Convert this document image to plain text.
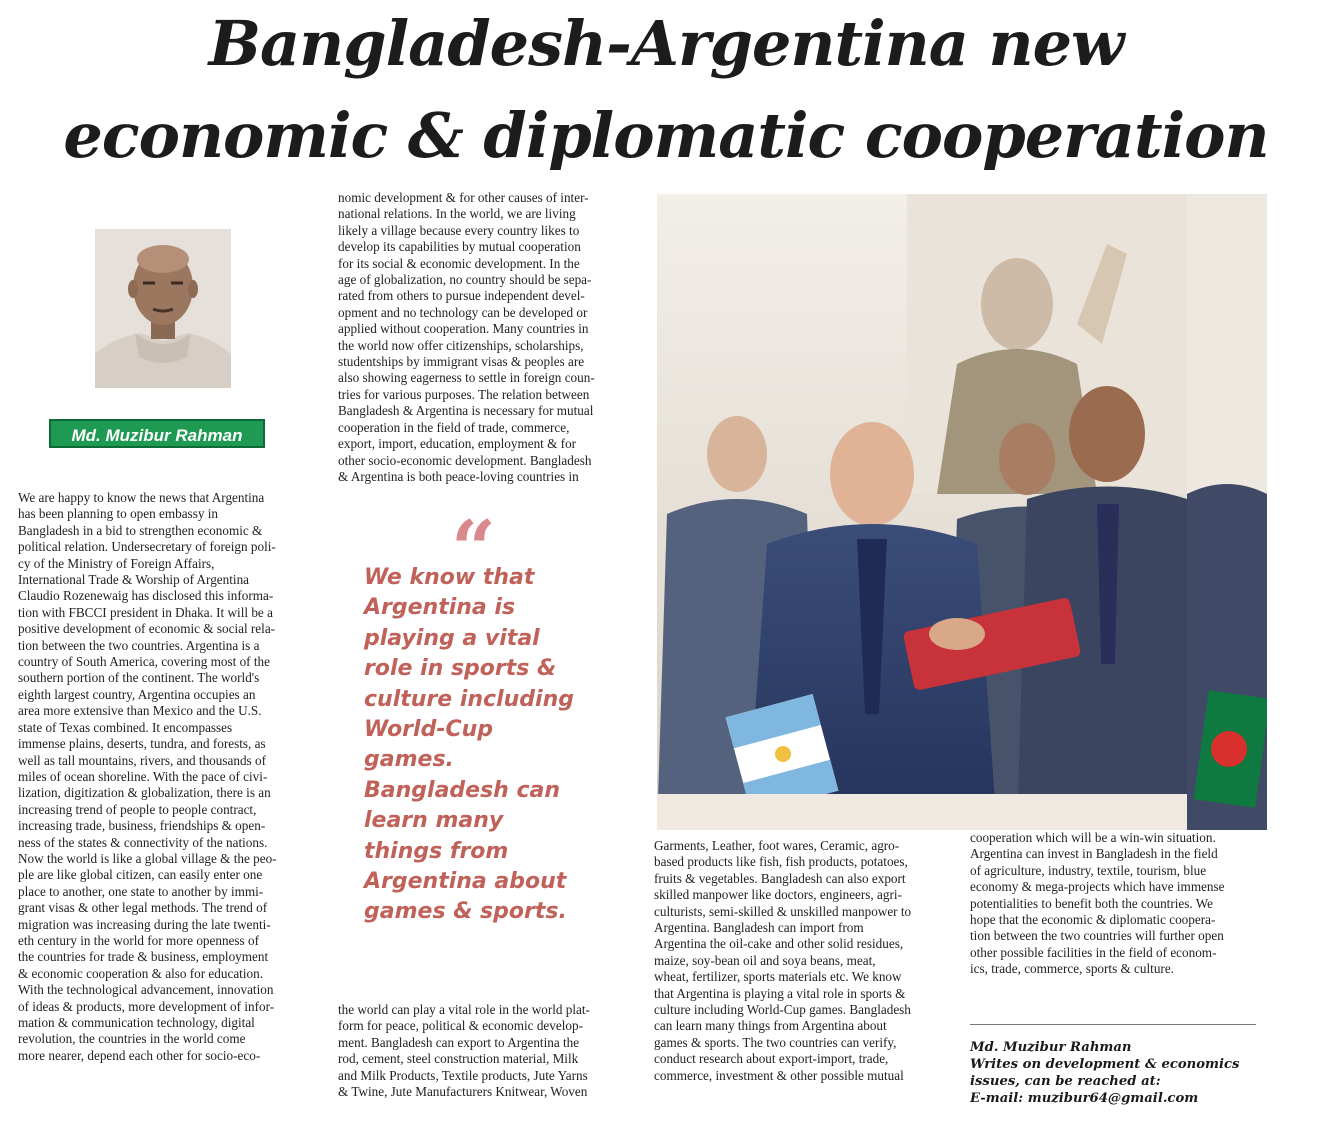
Bangladesh-Argentina new
economic & diplomatic cooperation
Md. Muzibur Rahman

We are happy to know the news that Argentina

has been planning to open embassy in

Bangladesh in a bid to strengthen economic &

political relation. Undersecretary of foreign poli-

cy of the Ministry of Foreign Affairs,

International Trade & Worship of Argentina

Claudio Rozenewaig has disclosed this informa-

tion with FBCCI president in Dhaka. It will be a

positive development of economic & social rela-

tion between the two countries. Argentina is a

country of South America, covering most of the

southern portion of the continent. The world's

eighth largest country, Argentina occupies an

area more extensive than Mexico and the U.S.

state of Texas combined. It encompasses

immense plains, deserts, tundra, and forests, as

well as tall mountains, rivers, and thousands of

miles of ocean shoreline. With the pace of civi-

lization, digitization & globalization, there is an

increasing trend of people to people contract,

increasing trade, business, friendships & open-

ness of the states & connectivity of the nations.

Now the world is like a global village & the peo-

ple are like global citizen, can easily enter one

place to another, one state to another by immi-

grant visas & other legal methods. The trend of

migration was increasing during the late twenti-

eth century in the world for more openness of

the countries for trade & business, employment

& economic cooperation & also for education.

With the technological advancement, innovation

of ideas & products, more development of infor-

mation & communication technology, digital

revolution, the countries in the world come

more nearer, depend each other for socio-eco-

nomic development & for other causes of inter-

national relations. In the world, we are living

likely a village because every country likes to

develop its capabilities by mutual cooperation

for its social & economic development. In the

age of globalization, no country should be sepa-

rated from others to pursue independent devel-

opment and no technology can be developed or

applied without cooperation. Many countries in

the world now offer citizenships, scholarships,

studentships by immigrant visas & peoples are

also showing eagerness to settle in foreign coun-

tries for various purposes. The relation between

Bangladesh & Argentina is necessary for mutual

cooperation in the field of trade, commerce,

export, import, education, employment & for

other socio-economic development. Bangladesh

& Argentina is both peace-loving countries in

“
We know that
Argentina is
playing a vital
role in sports &
culture including
World-Cup
games.
Bangladesh can
learn many
things from
Argentina about
games & sports.

the world can play a vital role in the world plat-

form for peace, political & economic develop-

ment. Bangladesh can export to Argentina the

rod, cement, steel construction material, Milk

and Milk Products, Textile products, Jute Yarns

& Twine, Jute Manufacturers Knitwear, Woven

Garments, Leather, foot wares, Ceramic, agro-

based products like fish, fish products, potatoes,

fruits & vegetables. Bangladesh can also export

skilled manpower like doctors, engineers, agri-

culturists, semi-skilled & unskilled manpower to

Argentina. Bangladesh can import from

Argentina the oil-cake and other solid residues,

maize, soy-bean oil and soya beans, meat,

wheat, fertilizer, sports materials etc. We know

that Argentina is playing a vital role in sports &

culture including World-Cup games. Bangladesh

can learn many things from Argentina about

games & sports. The two countries can verify,

conduct research about export-import, trade,

commerce, investment & other possible mutual

cooperation which will be a win-win situation.

Argentina can invest in Bangladesh in the field

of agriculture, industry, textile, tourism, blue

economy & mega-projects which have immense

potentialities to benefit both the countries. We

hope that the economic & diplomatic coopera-

tion between the two countries will further open

other possible facilities in the field of econom-

ics, trade, commerce, sports & culture.

Md. Muzibur Rahman

Writes on development & economics

issues, can be reached at:

E-mail: muzibur64@gmail.com
